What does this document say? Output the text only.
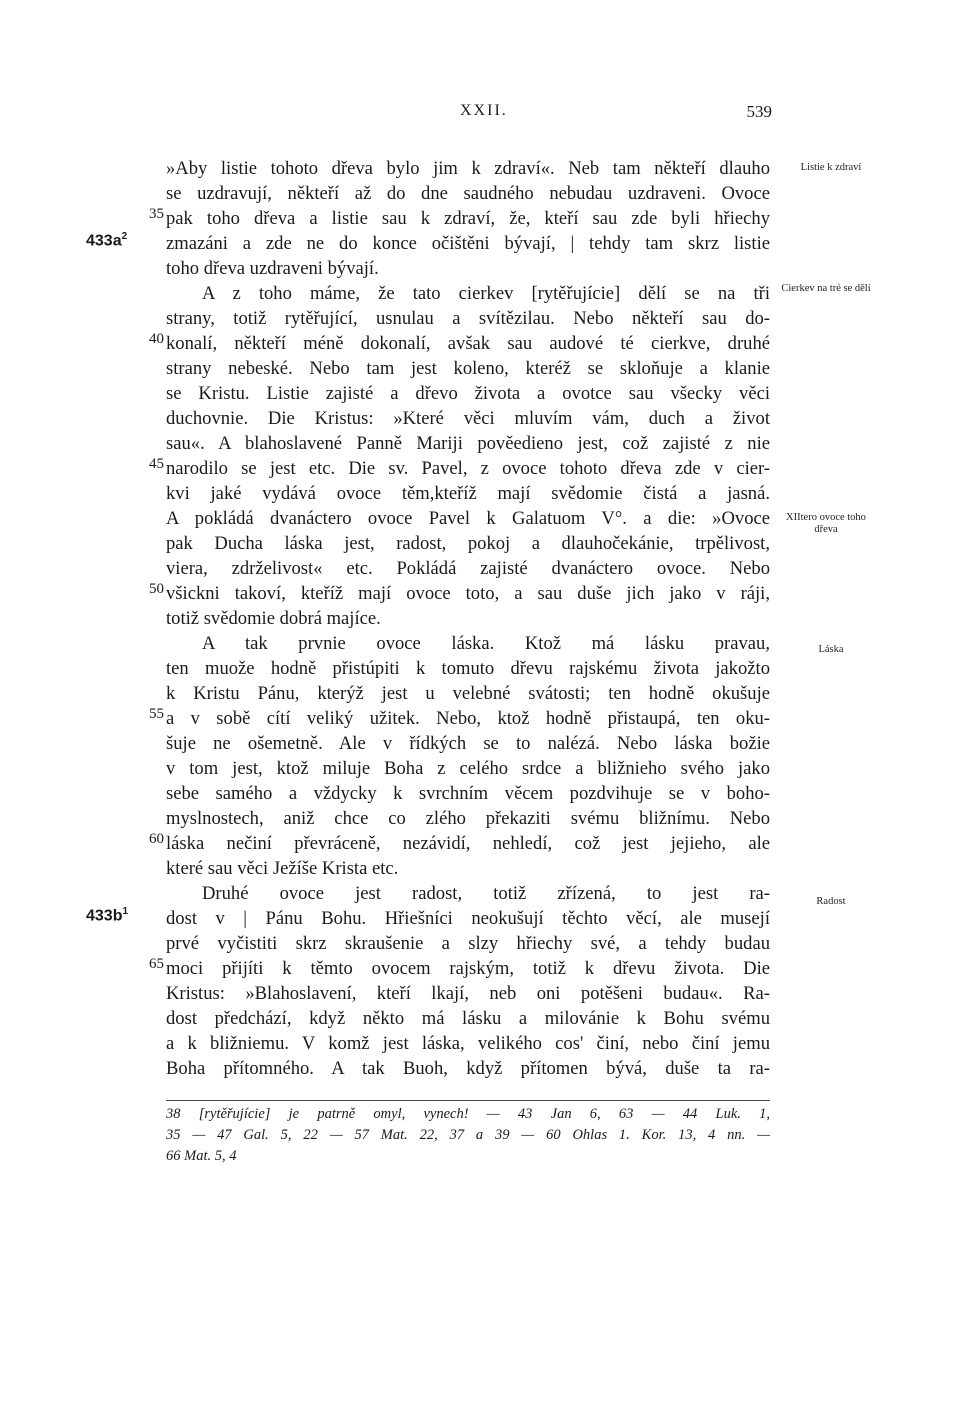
XXII.	539
»Aby listie tohoto dřeva bylo jim k zdraví«. Neb tam někteří dlauho
se uzdravují, někteří až do dne saudného nebudau uzdraveni. Ovoce
pak toho dřeva a listie sau k zdraví, že, kteří sau zde byli hřiechy
zmazáni a zde ne do konce očištěni bývají, | tehdy tam skrz listie
toho dřeva uzdraveni bývají.
A z toho máme, že tato cierkev [rytěřujície] dělí se na tři
strany, totiž rytěřující, usnulau a svítězilau. Nebo někteří sau do-
konalí, někteří méně dokonalí, avšak sau audové té cierkve, druhé
strany nebeské. Nebo tam jest koleno, kteréž se skloňuje a klanie
se Kristu. Listie zajisté a dřevo života a ovotce sau všecky věci
duchovnie. Die Kristus: »Které věci mluvím vám, duch a život
sau«. A blahoslavené Panně Mariji pověedieno jest, což zajisté z nie
narodilo se jest etc. Die sv. Pavel, z ovoce tohoto dřeva zde v cier-
kvi jaké vydává ovoce těm,kteříž mají svědomie čistá a jasná.
A pokládá dvanáctero ovoce Pavel k Galatuom V°. a die: »Ovoce
pak Ducha láska jest, radost, pokoj a dlauhočekánie, trpělivost,
viera, zdrželivost« etc. Pokládá zajisté dvanáctero ovoce. Nebo
všickni takoví, kteříž mají ovoce toto, a sau duše jich jako v ráji,
totiž svědomie dobrá majíce.
A tak prvnie ovoce láska. Ktož má lásku pravau,
ten muože hodně přistúpiti k tomuto dřevu rajskému života jakožto
k Kristu Pánu, kterýž jest u velebné svátosti; ten hodně okušuje
a v sobě cítí veliký užitek. Nebo, ktož hodně přistaupá, ten oku-
šuje ne ošemetně. Ale v řídkých se to nalézá. Nebo láska božie
v tom jest, ktož miluje Boha z celého srdce a bližnieho svého jako
sebe samého a vždycky k svrchním věcem pozdvihuje se v boho-
myslnostech, aniž chce co zlého překaziti svému bližnímu. Nebo
láska nečiní převráceně, nezávidí, nehledí, což jest jejieho, ale
které sau věci Ježíše Krista etc.
Druhé ovoce jest radost, totiž zřízená, to jest ra-
dost v | Pánu Bohu. Hřiešníci neokušují těchto věcí, ale musejí
prvé vyčistiti skrz skraušenie a slzy hřiechy své, a tehdy budau
moci přijíti k těmto ovocem rajským, totiž k dřevu života. Die
Kristus: »Blahoslavení, kteří lkají, neb oni potěšeni budau«. Ra-
dost předchází, když někto má lásku a milovánie k Bohu svému
a k bližniemu. V komž jest láska, velikého cos' činí, nebo činí jemu
Boha přítomného. A tak Buoh, když přítomen bývá, duše ta ra-
35
40
45
50
55
60
65
$433a^2$
$433b^1$
Listie k zdraví
Cierkev na tré se dělí
XIItero ovoce toho dřeva
Láska
Radost
38 [rytěřujície] je patrně omyl, vynech! — 43 Jan 6, 63 — 44 Luk. 1,
35 — 47 Gal. 5, 22 — 57 Mat. 22, 37 a 39 — 60 Ohlas 1. Kor. 13, 4 nn. —
66 Mat. 5, 4
